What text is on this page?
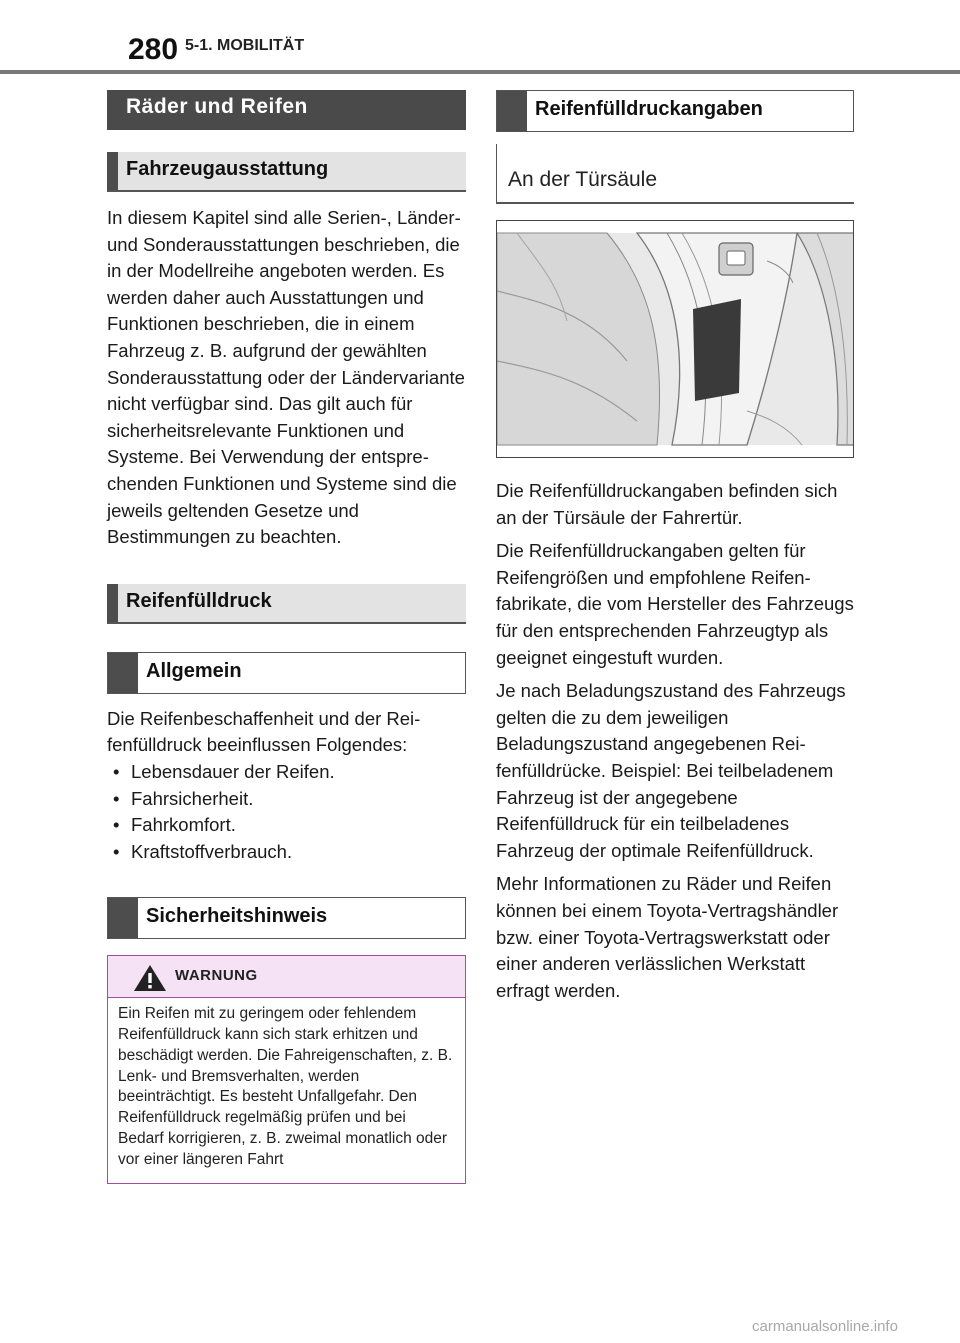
280 5-1. MOBILITÄT
Räder und Reifen
Fahrzeugausstattung

In diesem Kapitel sind alle Serien-, Länder- und Sonderausstattungen beschrieben, die in der Modellreihe angeboten werden. Es werden daher auch Ausstattungen und Funktionen beschrieben, die in einem Fahrzeug z. B. aufgrund der gewählten Sonderausstattung oder der Ländervariante nicht verfügbar sind. Das gilt auch für sicherheitsrelevante Funktionen und Systeme. Bei Verwendung der entsprechenden Funktionen und Systeme sind die jeweils geltenden Gesetze und Bestimmungen zu beachten.

Reifenfülldruck
Allgemein

Die Reifenbeschaffenheit und der Reifenfülldruck beeinflussen Folgendes:

• Lebensdauer der Reifen.
• Fahrsicherheit.
• Fahrkomfort.
• Kraftstoffverbrauch.
Sicherheitshinweis
WARNUNG
Ein Reifen mit zu geringem oder fehlendem Reifenfülldruck kann sich stark erhitzen und beschädigt werden. Die Fahreigenschaften, z. B. Lenk- und Bremsverhalten, werden beeinträchtigt. Es besteht Unfallgefahr. Den Reifenfülldruck regelmäßig prüfen und bei Bedarf korrigieren, z. B. zweimal monatlich oder vor einer längeren Fahrt
Reifenfülldruckangaben
An der Türsäule

Die Reifenfülldruckangaben befinden sich an der Türsäule der Fahrertür.

Die Reifenfülldruckangaben gelten für Reifengrößen und empfohlene Reifenfabrikate, die vom Hersteller des Fahrzeugs für den entsprechenden Fahrzeugtyp als geeignet eingestuft wurden.

Je nach Beladungszustand des Fahrzeugs gelten die zu dem jeweiligen Beladungszustand angegebenen Reifenfülldrücke. Beispiel: Bei teilbeladenem Fahrzeug ist der angegebene Reifenfülldruck für ein teilbeladenes Fahrzeug der optimale Reifenfülldruck.

Mehr Informationen zu Räder und Reifen können bei einem Toyota-Vertragshändler bzw. einer Toyota-Vertragswerkstatt oder einer anderen verlässlichen Werkstatt erfragt werden.

carmanualsonline.info
